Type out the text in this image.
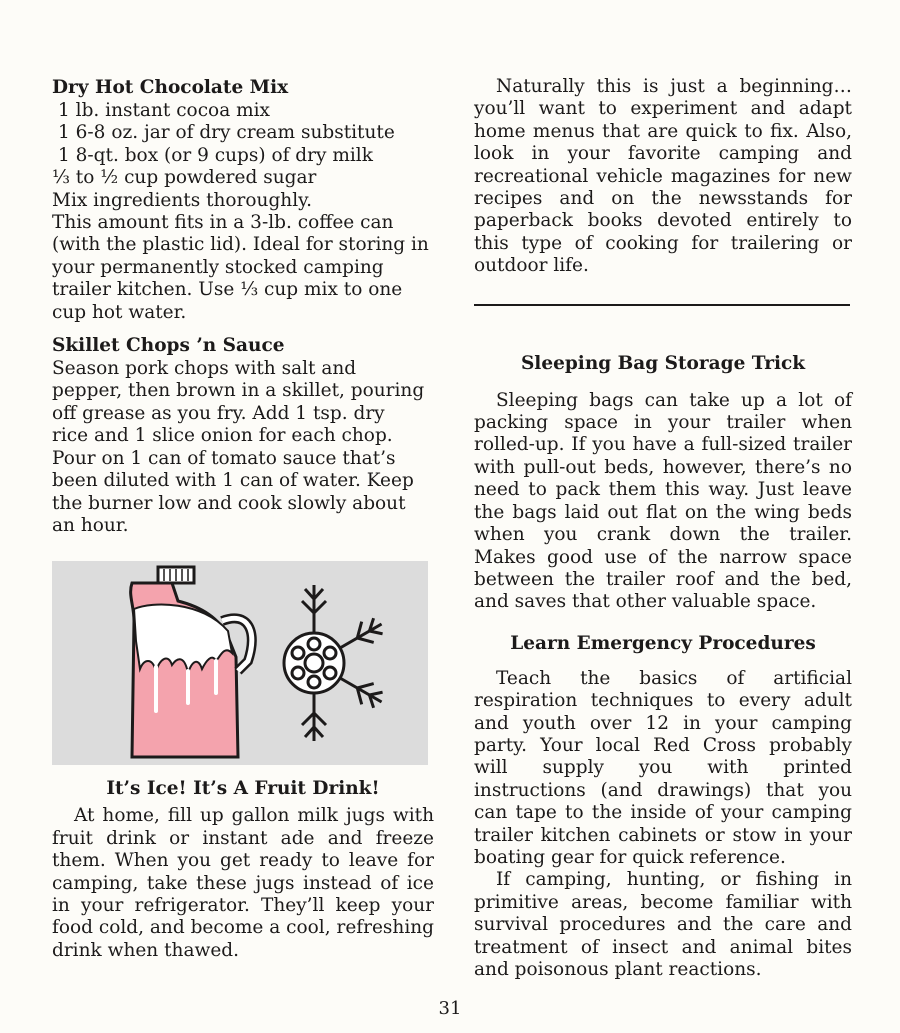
Dry Hot Chocolate Mix

1 lb. instant cocoa mix

1 6-8 oz. jar of dry cream substitute

1 8-qt. box (or 9 cups) of dry milk

⅓ to ½ cup powdered sugar

Mix ingredients thoroughly.

This amount fits in a 3-lb. coffee can

(with the plastic lid). Ideal for storing in

your permanently stocked camping

trailer kitchen. Use ⅓ cup mix to one

cup hot water.

Skillet Chops ’n Sauce

Season pork chops with salt and

pepper, then brown in a skillet, pouring

off grease as you fry. Add 1 tsp. dry

rice and 1 slice onion for each chop.

Pour on 1 can of tomato sauce that’s

been diluted with 1 can of water. Keep

the burner low and cook slowly about

an hour.

It’s Ice! It’s A Fruit Drink!

At home, fill up gallon milk jugs with fruit drink or instant ade and freeze them. When you get ready to leave for camping, take these jugs instead of ice in your refrigerator. They’ll keep your food cold, and become a cool, refreshing drink when thawed.

Naturally this is just a beginning… you’ll want to experiment and adapt home menus that are quick to fix. Also, look in your favorite camping and recreational vehicle magazines for new recipes and on the newsstands for paperback books devoted entirely to this type of cooking for trailering or outdoor life.

Sleeping Bag Storage Trick

Sleeping bags can take up a lot of packing space in your trailer when rolled-up. If you have a full-sized trailer with pull-out beds, however, there’s no need to pack them this way. Just leave the bags laid out flat on the wing beds when you crank down the trailer. Makes good use of the narrow space between the trailer roof and the bed, and saves that other valuable space.

Learn Emergency Procedures

Teach the basics of artificial respiration techniques to every adult and youth over 12 in your camping party. Your local Red Cross probably will supply you with printed instructions (and drawings) that you can tape to the inside of your camping trailer kitchen cabinets or stow in your boating gear for quick reference.

If camping, hunting, or fishing in primitive areas, become familiar with survival procedures and the care and treatment of insect and animal bites and poisonous plant reactions.

31
